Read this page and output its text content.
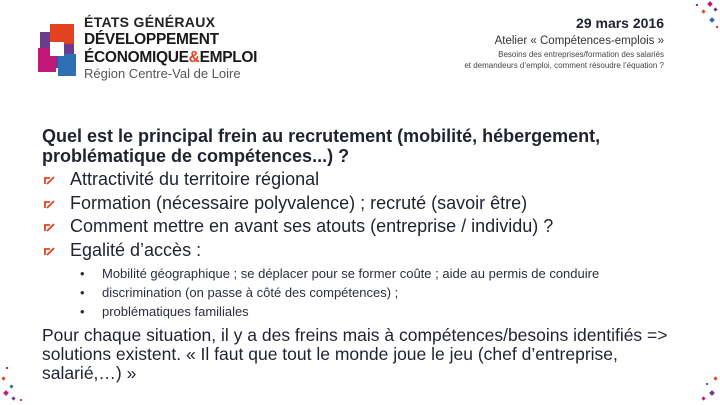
ÉTATS GÉNÉRAUX
DÉVELOPPEMENT
ÉCONOMIQUE&EMPLOI
Région Centre-Val de Loire
29 mars 2016
Atelier « Compétences-emplois »
Besoins des entreprises/formation des salariés
et demandeurs d’emploi, comment résoudre l’équation ?
Quel est le principal frein au recrutement (mobilité, hébergement, problématique de compétences...) ?
Attractivité du territoire régional
Formation (nécessaire polyvalence) ; recruté (savoir être)
Comment mettre en avant ses atouts (entreprise / individu) ?
Egalité d’accès :
• Mobilité géographique ; se déplacer pour se former coûte ; aide au permis de conduire
• discrimination (on passe à côté des compétences) ;
• problématiques familiales
Pour chaque situation, il y a des freins mais à compétences/besoins identifiés => solutions existent. « Il faut que tout le monde joue le jeu (chef d’entreprise, salarié,…) »
